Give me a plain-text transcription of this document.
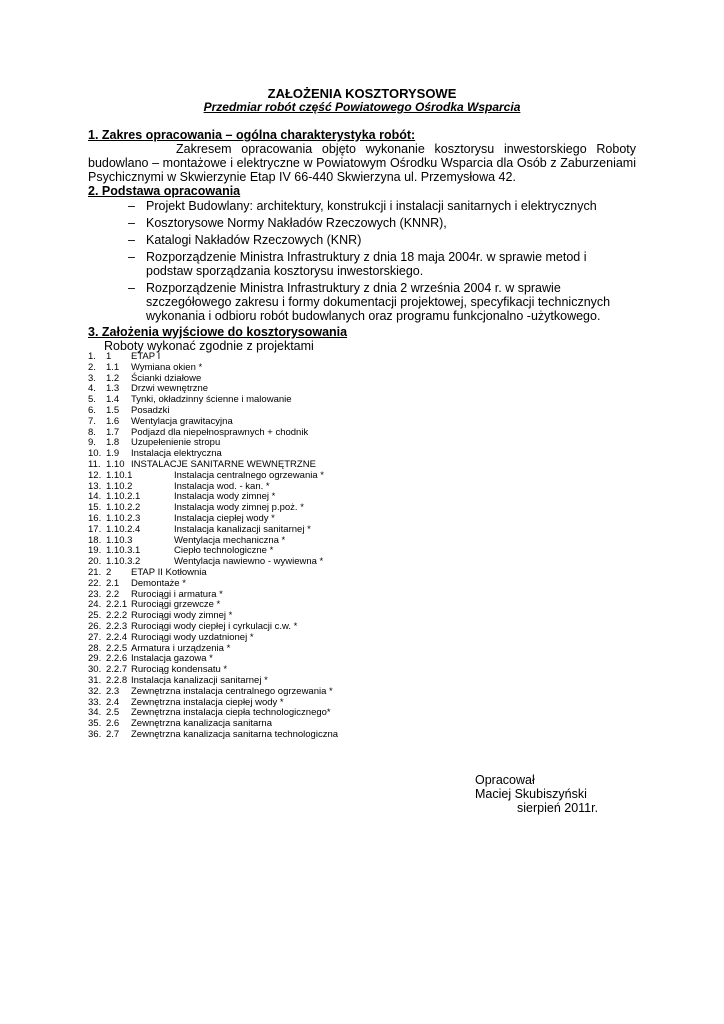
ZAŁOŻENIA KOSZTORYSOWE
Przedmiar robót część Powiatowego Ośrodka Wsparcia
1. Zakres opracowania – ogólna charakterystyka robót:
Zakresem opracowania objęto wykonanie kosztorysu inwestorskiego Roboty budowlano – montażowe i elektryczne w Powiatowym Ośrodku Wsparcia dla Osób z Zaburzeniami Psychicznymi w Skwierzynie Etap IV 66-440 Skwierzyna ul. Przemysłowa 42.
2. Podstawa opracowania
– Projekt Budowlany: architektury, konstrukcji i instalacji sanitarnych i elektrycznych
– Kosztorysowe Normy Nakładów Rzeczowych (KNNR),
– Katalogi Nakładów Rzeczowych (KNR)
– Rozporządzenie Ministra Infrastruktury z dnia 18 maja 2004r. w sprawie metod i podstaw sporządzania kosztorysu inwestorskiego.
– Rozporządzenie Ministra Infrastruktury z dnia 2 września 2004 r. w sprawie szczegółowego zakresu i formy dokumentacji projektowej, specyfikacji technicznych wykonania i odbioru robót budowlanych oraz programu funkcjonalno -użytkowego.
3. Założenia wyjściowe do kosztorysowania
Roboty wykonać zgodnie z projektami
1. 1 ETAP I
2. 1.1 Wymiana okien *
3. 1.2 Ścianki działowe
4. 1.3 Drzwi wewnętrzne
5. 1.4 Tynki, okładzinny ścienne i malowanie
6. 1.5 Posadzki
7. 1.6 Wentylacja grawitacyjna
8. 1.7 Podjazd dla niepełnosprawnych + chodnik
9. 1.8 Uzupełenienie stropu
10. 1.9 Instalacja elektryczna
11. 1.10 INSTALACJE SANITARNE WEWNĘTRZNE
12. 1.10.1	Instalacja centralnego ogrzewania *
13. 1.10.2	Instalacja wod. - kan. *
14. 1.10.2.1	Instalacja wody zimnej *
15. 1.10.2.2	Instalacja wody zimnej p.poż. *
16. 1.10.2.3	Instalacja ciepłej wody *
17. 1.10.2.4	Instalacja kanalizacji sanitarnej *
18. 1.10.3	Wentylacja mechaniczna *
19. 1.10.3.1	Ciepło technologiczne *
20. 1.10.3.2	Wentylacja nawiewno - wywiewna *
21. 2 ETAP II Kotłownia
22. 2.1 Demontaże *
23. 2.2 Rurociągi i armatura *
24. 2.2.1 Rurociągi grzewcze *
25. 2.2.2 Rurociągi wody zimnej *
26. 2.2.3 Rurociągi wody ciepłej i cyrkulacji c.w. *
27. 2.2.4 Rurociągi wody uzdatnionej *
28. 2.2.5 Armatura i urządzenia *
29. 2.2.6 Instalacja gazowa *
30. 2.2.7 Rurociąg kondensatu *
31. 2.2.8 Instalacja kanalizacji sanitarnej *
32. 2.3 Zewnętrzna instalacja centralnego ogrzewania *
33. 2.4 Zewnętrzna instalacja ciepłej wody *
34. 2.5 Zewnętrzna instalacja ciepła technologicznego*
35. 2.6 Zewnętrzna kanalizacja sanitarna
36. 2.7 Zewnętrzna kanalizacja sanitarna technologiczna
Opracował
Maciej Skubiszyński
sierpień 2011r.
